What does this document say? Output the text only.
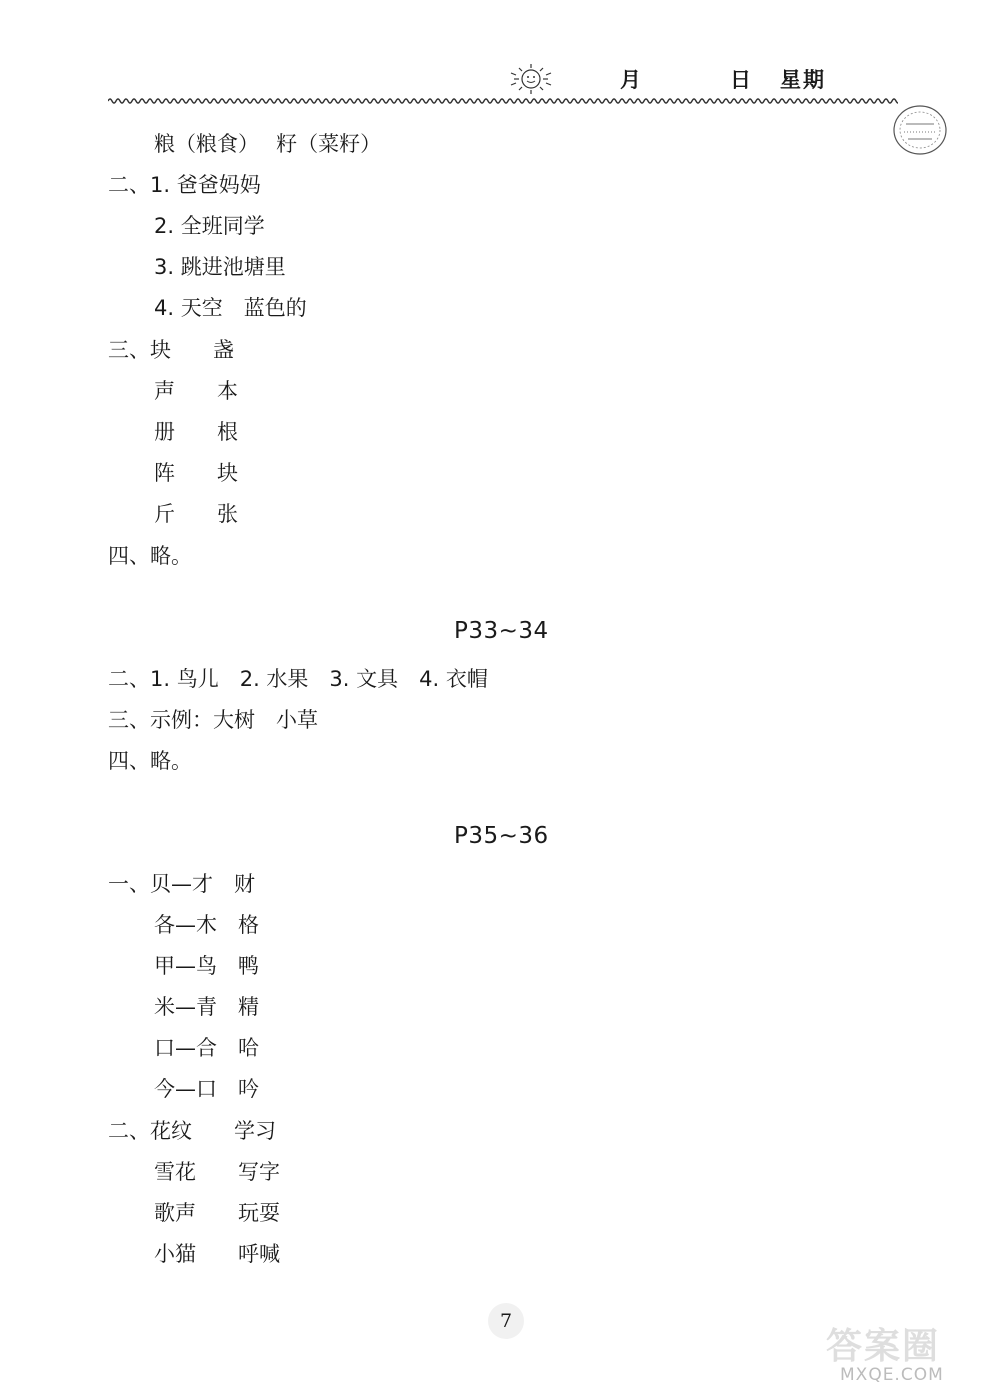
月	日 星期
粮（粮食）　 籽（菜籽）
二、1. 爸爸妈妈
2. 全班同学
3. 跳进池塘里
4. 天空　蓝色的
三、块　　盏
声　　本
册　　根
阵　　块
斤　　张
四、略。
P33~34
二、1. 鸟儿　2. 水果　3. 文具　4. 衣帽
三、示例：大树　小草
四、略。
P35~36
一、贝—才　财
各—木　格
甲—鸟　鸭
米—青　精
口—合　哈
今—口　吟
二、花纹　　学习
雪花　　写字
歌声　　玩耍
小猫　　呼喊
7
答案圈
MXQE.COM
